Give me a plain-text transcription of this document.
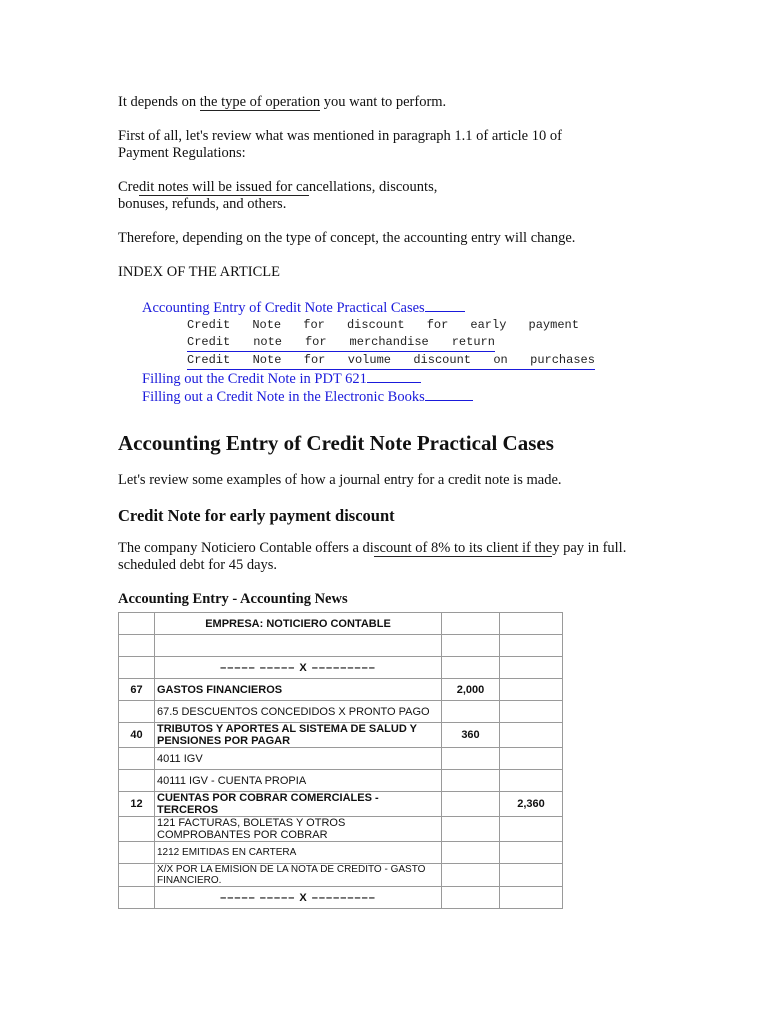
It depends on the type of operation you want to perform.

First of all, let's review what was mentioned in paragraph 1.1 of article 10 of
Payment Regulations:

Credit notes will be issued for cancellations, discounts,
bonuses, refunds, and others.

Therefore, depending on the type of concept, the accounting entry will change.

INDEX OF THE ARTICLE

Accounting Entry of Credit Note Practical Cases
Credit Note for discount for early payment
Credit note for merchandise return
Credit Note for volume discount on purchases
Filling out the Credit Note in PDT 621
Filling out a Credit Note in the Electronic Books
Accounting Entry of Credit Note Practical Cases

Let's review some examples of how a journal entry for a credit note is made.

Credit Note for early payment discount

The company Noticiero Contable offers a discount of 8% to its client if they pay in full.
scheduled debt for 45 days.

Accounting Entry - Accounting News
	EMPRESA: NOTICIERO CONTABLE		

	––––– ––––– X –––––––––		
67	GASTOS FINANCIEROS	2,000	
	67.5 DESCUENTOS CONCEDIDOS X PRONTO PAGO		
40	TRIBUTOS Y APORTES AL SISTEMA DE SALUD Y PENSIONES POR PAGAR	360	
	4011 IGV		
	40111 IGV - CUENTA PROPIA		
12	CUENTAS POR COBRAR COMERCIALES - TERCEROS		2,360
	121 FACTURAS, BOLETAS Y OTROS COMPROBANTES POR COBRAR		
	1212 EMITIDAS EN CARTERA		
	X/X POR LA EMISION DE LA NOTA DE CREDITO - GASTO FINANCIERO.		
	––––– ––––– X –––––––––		
